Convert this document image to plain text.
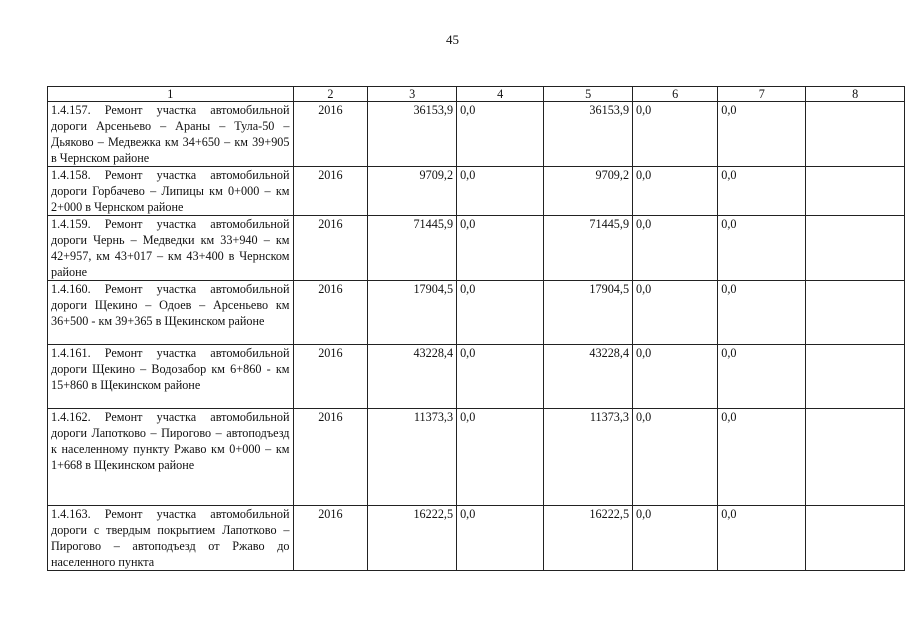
45
1	2	3	4	5	6	7	8
1.4.157. Ремонт участка автомобильной дороги Арсеньево – Араны – Тула-50 – Дьяково – Медвежка км 34+650 – км 39+905 в Чернском районе	2016	36153,9	0,0	36153,9	0,0	0,0	
1.4.158. Ремонт участка автомобильной дороги Горбачево – Липицы км 0+000 – км 2+000 в Чернском районе	2016	9709,2	0,0	9709,2	0,0	0,0	
1.4.159. Ремонт участка автомобильной дороги Чернь – Медведки км 33+940 – км 42+957, км 43+017 – км 43+400 в Чернском районе	2016	71445,9	0,0	71445,9	0,0	0,0	
1.4.160. Ремонт участка автомобильной дороги Щекино – Одоев – Арсеньево км 36+500 - км 39+365 в Щекинском районе	2016	17904,5	0,0	17904,5	0,0	0,0	
1.4.161. Ремонт участка автомобильной дороги Щекино – Водозабор км 6+860 - км 15+860 в Щекинском районе	2016	43228,4	0,0	43228,4	0,0	0,0	
1.4.162. Ремонт участка автомобильной дороги Лапотково – Пирогово – автоподъезд к населенному пункту Ржаво км 0+000 – км 1+668 в Щекинском районе	2016	11373,3	0,0	11373,3	0,0	0,0	
1.4.163. Ремонт участка автомобильной дороги с твердым покрытием Лапотково – Пирогово – автоподъезд от Ржаво до населенного пункта	2016	16222,5	0,0	16222,5	0,0	0,0	
